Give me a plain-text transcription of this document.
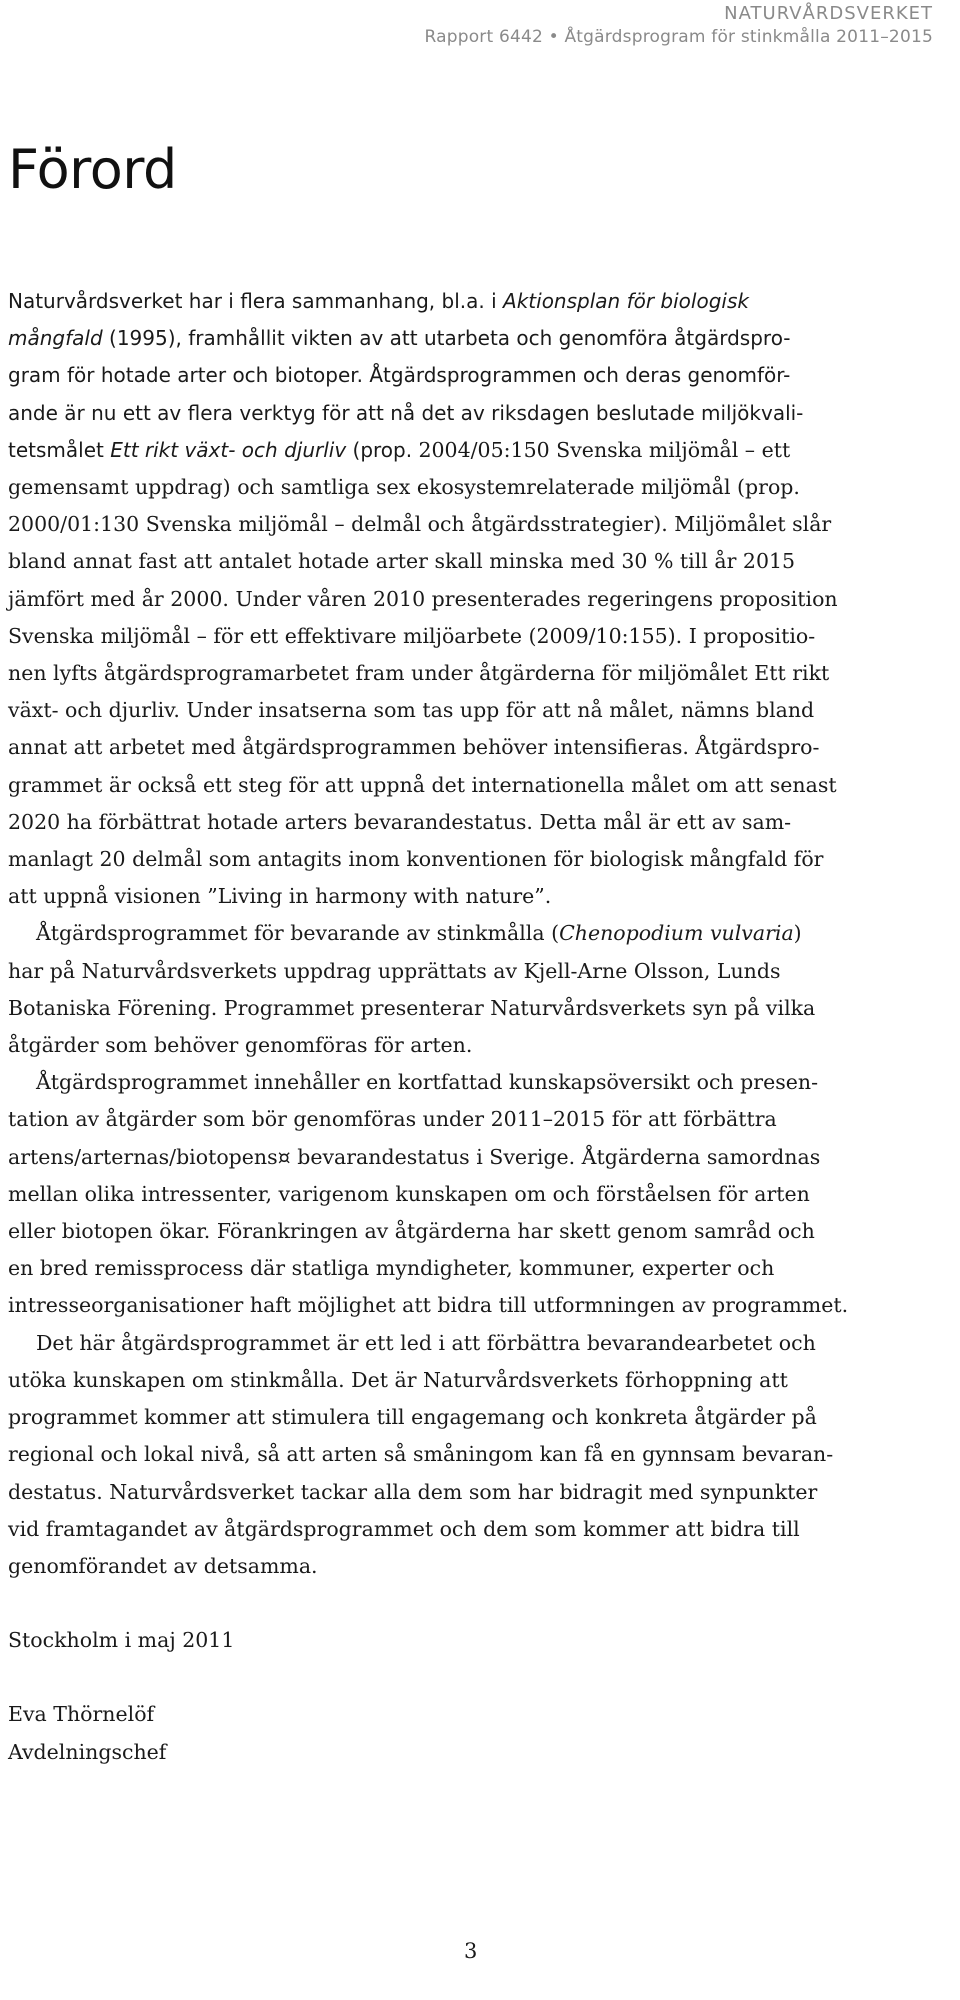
NATURVÅRDSVERKET
Rapport 6442 • Åtgärdsprogram för stinkmålla 2011–2015
Förord
Naturvårdsverket har i flera sammanhang, bl.a. i Aktionsplan för biologisk
mångfald (1995), framhållit vikten av att utarbeta och genomföra åtgärdspro-
gram för hotade arter och biotoper. Åtgärdsprogrammen och deras genomför-
ande är nu ett av flera verktyg för att nå det av riksdagen beslutade miljökvali-
tetsmålet Ett rikt växt- och djurliv (prop. 2004/05:150 Svenska miljömål – ett
gemensamt uppdrag) och samtliga sex ekosystemrelaterade miljömål (prop.
2000/01:130 Svenska miljömål – delmål och åtgärdsstrategier). Miljömålet slår
bland annat fast att antalet hotade arter skall minska med 30 % till år 2015
jämfört med år 2000. Under våren 2010 presenterades regeringens proposition
Svenska miljömål – för ett effektivare miljöarbete (2009/10:155). I propositio-
nen lyfts åtgärdsprogramarbetet fram under åtgärderna för miljömålet Ett rikt
växt- och djurliv. Under insatserna som tas upp för att nå målet, nämns bland
annat att arbetet med åtgärdsprogrammen behöver intensifieras. Åtgärdspro-
grammet är också ett steg för att uppnå det internationella målet om att senast
2020 ha förbättrat hotade arters bevarandestatus. Detta mål är ett av sam-
manlagt 20 delmål som antagits inom konventionen för biologisk mångfald för
att uppnå visionen ”Living in harmony with nature”.
Åtgärdsprogrammet för bevarande av stinkmålla (Chenopodium vulvaria)
har på Naturvårdsverkets uppdrag upprättats av Kjell-Arne Olsson, Lunds
Botaniska Förening. Programmet presenterar Naturvårdsverkets syn på vilka
åtgärder som behöver genomföras för arten.
Åtgärdsprogrammet innehåller en kortfattad kunskapsöversikt och presen-
tation av åtgärder som bör genomföras under 2011–2015 för att förbättra
artens/arternas/biotopens¤ bevarandestatus i Sverige. Åtgärderna samordnas
mellan olika intressenter, varigenom kunskapen om och förståelsen för arten
eller biotopen ökar. Förankringen av åtgärderna har skett genom samråd och
en bred remissprocess där statliga myndigheter, kommuner, experter och
intresseorganisationer haft möjlighet att bidra till utformningen av programmet.
Det här åtgärdsprogrammet är ett led i att förbättra bevarandearbetet och
utöka kunskapen om stinkmålla. Det är Naturvårdsverkets förhoppning att
programmet kommer att stimulera till engagemang och konkreta åtgärder på
regional och lokal nivå, så att arten så småningom kan få en gynnsam bevaran-
destatus. Naturvårdsverket tackar alla dem som har bidragit med synpunkter
vid framtagandet av åtgärdsprogrammet och dem som kommer att bidra till
genomförandet av detsamma.
Stockholm i maj 2011
Eva Thörnelöf
Avdelningschef
3
